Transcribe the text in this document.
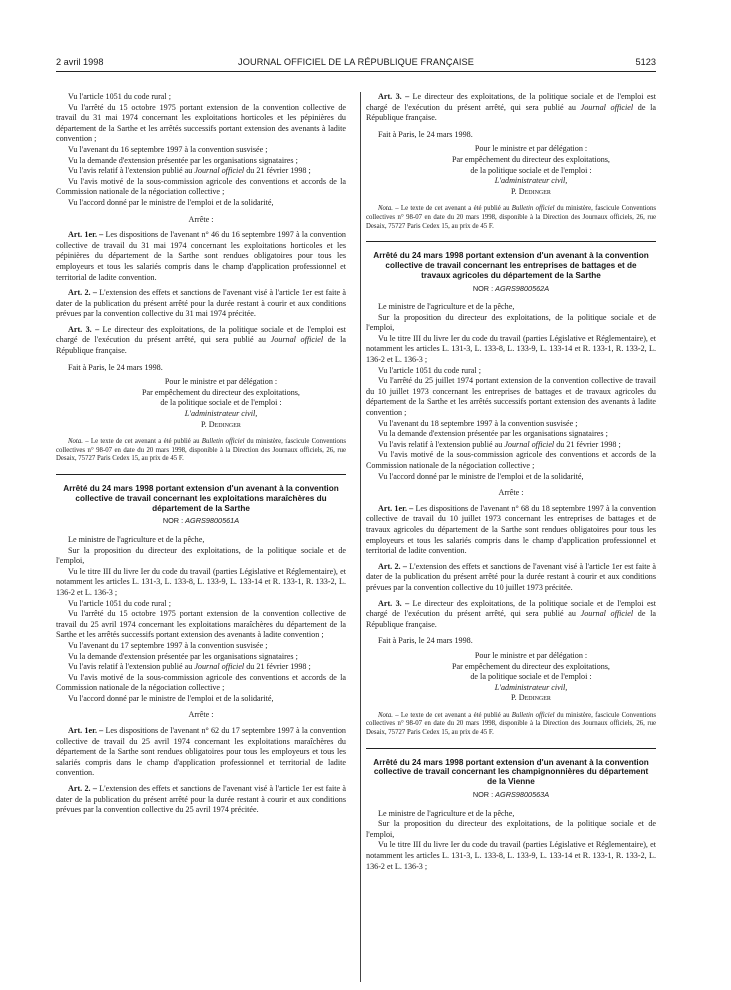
2 avril 1998	JOURNAL OFFICIEL DE LA RÉPUBLIQUE FRANÇAISE	5123

Vu l'article 1051 du code rural ;

Vu l'arrêté du 15 octobre 1975 portant extension de la convention collective de travail du 31 mai 1974 concernant les exploitations horticoles et les pépinières du département de la Sarthe et les arrêtés successifs portant extension des avenants à ladite convention ;

Vu l'avenant du 16 septembre 1997 à la convention susvisée ;

Vu la demande d'extension présentée par les organisations signataires ;

Vu l'avis relatif à l'extension publié au Journal officiel du 21 février 1998 ;

Vu l'avis motivé de la sous-commission agricole des conventions et accords de la Commission nationale de la négociation collective ;

Vu l'accord donné par le ministre de l'emploi et de la solidarité,

Arrête :

Art. 1er. – Les dispositions de l'avenant n° 46 du 16 septembre 1997 à la convention collective de travail du 31 mai 1974 concernant les exploitations horticoles et les pépinières du département de la Sarthe sont rendues obligatoires pour tous les employeurs et tous les salariés compris dans le champ d'application professionnel et territorial de ladite convention.

Art. 2. – L'extension des effets et sanctions de l'avenant visé à l'article 1er est faite à dater de la publication du présent arrêté pour la durée restant à courir et aux conditions prévues par la convention collective du 31 mai 1974 précitée.

Art. 3. – Le directeur des exploitations, de la politique sociale et de l'emploi est chargé de l'exécution du présent arrêté, qui sera publié au Journal officiel de la République française.

Fait à Paris, le 24 mars 1998.

Pour le ministre et par délégation :

Par empêchement du directeur des exploitations,

de la politique sociale et de l'emploi :

L'administrateur civil,

P. Dedinger

Nota. – Le texte de cet avenant a été publié au Bulletin officiel du ministère, fascicule Conventions collectives n° 98-07 en date du 20 mars 1998, disponible à la Direction des Journaux officiels, 26, rue Desaix, 75727 Paris Cedex 15, au prix de 45 F.

Arrêté du 24 mars 1998 portant extension d'un avenant à la convention collective de travail concernant les exploitations maraîchères du département de la Sarthe

NOR : AGRS9800561A

Le ministre de l'agriculture et de la pêche,

Sur la proposition du directeur des exploitations, de la politique sociale et de l'emploi,

Vu le titre III du livre Ier du code du travail (parties Législative et Réglementaire), et notamment les articles L. 131-3, L. 133-8, L. 133-9, L. 133-14 et R. 133-1, R. 133-2, L. 136-2 et L. 136-3 ;

Vu l'article 1051 du code rural ;

Vu l'arrêté du 15 octobre 1975 portant extension de la convention collective de travail du 25 avril 1974 concernant les exploitations maraîchères du département de la Sarthe et les arrêtés successifs portant extension des avenants à ladite convention ;

Vu l'avenant du 17 septembre 1997 à la convention susvisée ;

Vu la demande d'extension présentée par les organisations signataires ;

Vu l'avis relatif à l'extension publié au Journal officiel du 21 février 1998 ;

Vu l'avis motivé de la sous-commission agricole des conventions et accords de la Commission nationale de la négociation collective ;

Vu l'accord donné par le ministre de l'emploi et de la solidarité,

Arrête :

Art. 1er. – Les dispositions de l'avenant n° 62 du 17 septembre 1997 à la convention collective de travail du 25 avril 1974 concernant les exploitations maraîchères du département de la Sarthe sont rendues obligatoires pour tous les employeurs et tous les salariés compris dans le champ d'application professionnel et territorial de ladite convention.

Art. 2. – L'extension des effets et sanctions de l'avenant visé à l'article 1er est faite à dater de la publication du présent arrêté pour la durée restant à courir et aux conditions prévues par la convention collective du 25 avril 1974 précitée.

Art. 3. – Le directeur des exploitations, de la politique sociale et de l'emploi est chargé de l'exécution du présent arrêté, qui sera publié au Journal officiel de la République française.

Fait à Paris, le 24 mars 1998.

Pour le ministre et par délégation :

Par empêchement du directeur des exploitations,

de la politique sociale et de l'emploi :

L'administrateur civil,

P. Dedinger

Nota. – Le texte de cet avenant a été publié au Bulletin officiel du ministère, fascicule Conventions collectives n° 98-07 en date du 20 mars 1998, disponible à la Direction des Journaux officiels, 26, rue Desaix, 75727 Paris Cedex 15, au prix de 45 F.

Arrêté du 24 mars 1998 portant extension d'un avenant à la convention collective de travail concernant les entreprises de battages et de travaux agricoles du département de la Sarthe

NOR : AGRS9800562A

Le ministre de l'agriculture et de la pêche,

Sur la proposition du directeur des exploitations, de la politique sociale et de l'emploi,

Vu le titre III du livre Ier du code du travail (parties Législative et Réglementaire), et notamment les articles L. 131-3, L. 133-8, L. 133-9, L. 133-14 et R. 133-1, R. 133-2, L. 136-2 et L. 136-3 ;

Vu l'article 1051 du code rural ;

Vu l'arrêté du 25 juillet 1974 portant extension de la convention collective de travail du 10 juillet 1973 concernant les entreprises de battages et de travaux agricoles du département de la Sarthe et les arrêtés successifs portant extension des avenants à ladite convention ;

Vu l'avenant du 18 septembre 1997 à la convention susvisée ;

Vu la demande d'extension présentée par les organisations signataires ;

Vu l'avis relatif à l'extension publié au Journal officiel du 21 février 1998 ;

Vu l'avis motivé de la sous-commission agricole des conventions et accords de la Commission nationale de la négociation collective ;

Vu l'accord donné par le ministre de l'emploi et de la solidarité,

Arrête :

Art. 1er. – Les dispositions de l'avenant n° 68 du 18 septembre 1997 à la convention collective de travail du 10 juillet 1973 concernant les entreprises de battages et de travaux agricoles du département de la Sarthe sont rendues obligatoires pour tous les employeurs et tous les salariés compris dans le champ d'application professionnel et territorial de ladite convention.

Art. 2. – L'extension des effets et sanctions de l'avenant visé à l'article 1er est faite à dater de la publication du présent arrêté pour la durée restant à courir et aux conditions prévues par la convention collective du 10 juillet 1973 précitée.

Art. 3. – Le directeur des exploitations, de la politique sociale et de l'emploi est chargé de l'exécution du présent arrêté, qui sera publié au Journal officiel de la République française.

Fait à Paris, le 24 mars 1998.

Pour le ministre et par délégation :

Par empêchement du directeur des exploitations,

de la politique sociale et de l'emploi :

L'administrateur civil,

P. Dedinger

Nota. – Le texte de cet avenant a été publié au Bulletin officiel du ministère, fascicule Conventions collectives n° 98-07 en date du 20 mars 1998, disponible à la Direction des Journaux officiels, 26, rue Desaix, 75727 Paris Cedex 15, au prix de 45 F.

Arrêté du 24 mars 1998 portant extension d'un avenant à la convention collective de travail concernant les champignonnières du département de la Vienne

NOR : AGRS9800563A

Le ministre de l'agriculture et de la pêche,

Sur la proposition du directeur des exploitations, de la politique sociale et de l'emploi,

Vu le titre III du livre Ier du code du travail (parties Législative et Réglementaire), et notamment les articles L. 131-3, L. 133-8, L. 133-9, L. 133-14 et R. 133-1, R. 133-2, L. 136-2 et L. 136-3 ;
